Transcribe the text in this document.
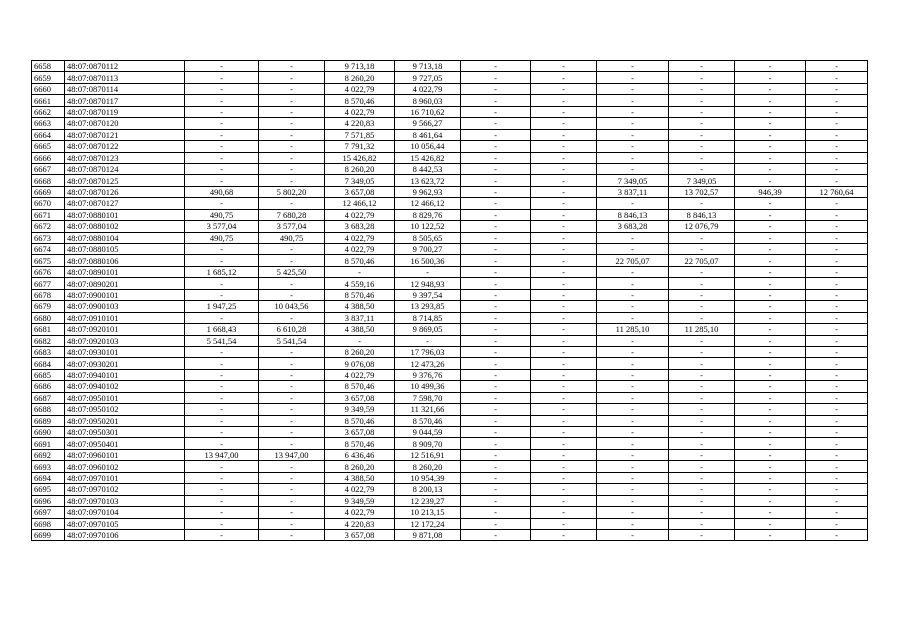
6658	48:07:0870112	-	-	9 713,18	9 713,18	-	-	-	-	-	-
6659	48:07:0870113	-	-	8 260,20	9 727,05	-	-	-	-	-	-
6660	48:07:0870114	-	-	4 022,79	4 022,79	-	-	-	-	-	-
6661	48:07:0870117	-	-	8 570,46	8 960,03	-	-	-	-	-	-
6662	48:07:0870119	-	-	4 022,79	16 710,62	-	-	-	-	-	-
6663	48:07:0870120	-	-	4 220,83	9 566,27	-	-	-	-	-	-
6664	48:07:0870121	-	-	7 571,85	8 461,64	-	-	-	-	-	-
6665	48:07:0870122	-	-	7 791,32	10 056,44	-	-	-	-	-	-
6666	48:07:0870123	-	-	15 426,82	15 426,82	-	-	-	-	-	-
6667	48:07:0870124	-	-	8 260,20	8 442,53	-	-	-	-	-	-
6668	48:07:0870125	-	-	7 349,05	13 623,72	-	-	7 349,05	7 349,05	-	-
6669	48:07:0870126	490,68	5 802,20	3 657,08	9 962,93	-	-	3 837,11	13 702,57	946,39	12 760,64
6670	48:07:0870127	-	-	12 466,12	12 466,12	-	-	-	-	-	-
6671	48:07:0880101	490,75	7 680,28	4 022,79	8 829,76	-	-	8 846,13	8 846,13	-	-
6672	48:07:0880102	3 577,04	3 577,04	3 683,28	10 122,52	-	-	3 683,28	12 076,79	-	-
6673	48:07:0880104	490,75	490,75	4 022,79	8 505,65	-	-	-	-	-	-
6674	48:07:0880105	-	-	4 022,79	9 700,27	-	-	-	-	-	-
6675	48:07:0880106	-	-	8 570,46	16 500,36	-	-	22 705,07	22 705,07	-	-
6676	48:07:0890101	1 685,12	5 425,50	-	-	-	-	-	-	-	-
6677	48:07:0890201	-	-	4 559,16	12 948,93	-	-	-	-	-	-
6678	48:07:0900101	-	-	8 570,46	9 397,54	-	-	-	-	-	-
6679	48:07:0900103	1 947,25	10 043,56	4 388,50	13 293,85	-	-	-	-	-	-
6680	48:07:0910101	-	-	3 837,11	8 714,85	-	-	-	-	-	-
6681	48:07:0920101	1 668,43	6 610,28	4 388,50	9 869,05	-	-	11 285,10	11 285,10	-	-
6682	48:07:0920103	5 541,54	5 541,54	-	-	-	-	-	-	-	-
6683	48:07:0930101	-	-	8 260,20	17 796,03	-	-	-	-	-	-
6684	48:07:0930201	-	-	9 076,08	12 473,26	-	-	-	-	-	-
6685	48:07:0940101	-	-	4 022,79	9 376,76	-	-	-	-	-	-
6686	48:07:0940102	-	-	8 570,46	10 499,36	-	-	-	-	-	-
6687	48:07:0950101	-	-	3 657,08	7 598,70	-	-	-	-	-	-
6688	48:07:0950102	-	-	9 349,59	11 321,66	-	-	-	-	-	-
6689	48:07:0950201	-	-	8 570,46	8 570,46	-	-	-	-	-	-
6690	48:07:0950301	-	-	3 657,08	9 044,59	-	-	-	-	-	-
6691	48:07:0950401	-	-	8 570,46	8 909,70	-	-	-	-	-	-
6692	48:07:0960101	13 947,00	13 947,00	6 436,46	12 516,91	-	-	-	-	-	-
6693	48:07:0960102	-	-	8 260,20	8 260,20	-	-	-	-	-	-
6694	48:07:0970101	-	-	4 388,50	10 954,39	-	-	-	-	-	-
6695	48:07:0970102	-	-	4 022,79	8 200,13	-	-	-	-	-	-
6696	48:07:0970103	-	-	9 349,59	12 239,27	-	-	-	-	-	-
6697	48:07:0970104	-	-	4 022,79	10 213,15	-	-	-	-	-	-
6698	48:07:0970105	-	-	4 220,83	12 172,24	-	-	-	-	-	-
6699	48:07:0970106	-	-	3 657,08	9 871,08	-	-	-	-	-	-
